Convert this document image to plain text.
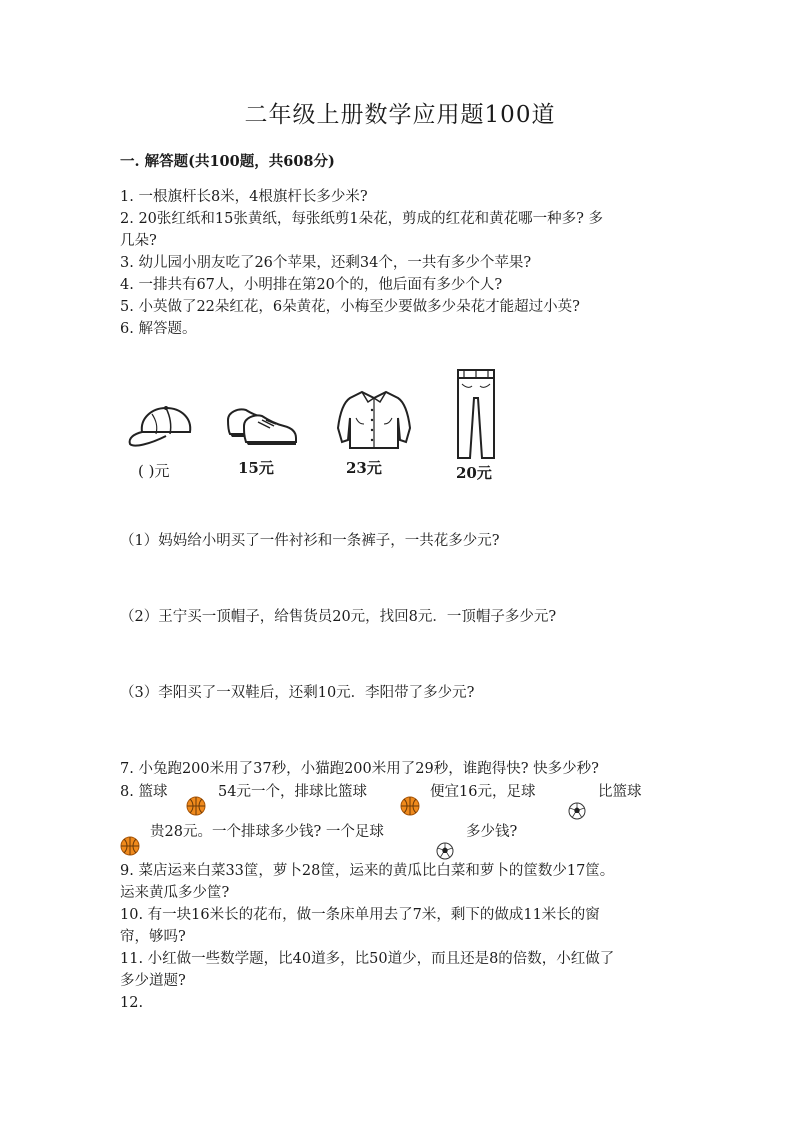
二年级上册数学应用题100道
一. 解答题(共100题，共608分)
1. 一根旗杆长8米，4根旗杆长多少米?
2. 20张红纸和15张黄纸，每张纸剪1朵花，剪成的红花和黄花哪一种多? 多
几朵?
3. 幼儿园小朋友吃了26个苹果，还剩34个，一共有多少个苹果?
4. 一排共有67人，小明排在第20个的，他后面有多少个人?
5. 小英做了22朵红花，6朵黄花，小梅至少要做多少朵花才能超过小英?
6. 解答题。
( )元	15元	23元	20元
（1）妈妈给小明买了一件衬衫和一条裤子，一共花多少元?
（2）王宁买一顶帽子，给售货员20元，找回8元．一顶帽子多少元?
（3）李阳买了一双鞋后，还剩10元．李阳带了多少元?
7. 小兔跑200米用了37秒，小猫跑200米用了29秒，谁跑得快? 快多少秒?
8. 篮球	54元一个，排球比篮球	便宜16元，足球	比篮球
贵28元。一个排球多少钱? 一个足球	多少钱?
9. 菜店运来白菜33筐，萝卜28筐，运来的黄瓜比白菜和萝卜的筐数少17筐。
运来黄瓜多少筐?
10. 有一块16米长的花布，做一条床单用去了7米，剩下的做成11米长的窗
帘，够吗?
11. 小红做一些数学题，比40道多，比50道少，而且还是8的倍数，小红做了
多少道题?
12.
